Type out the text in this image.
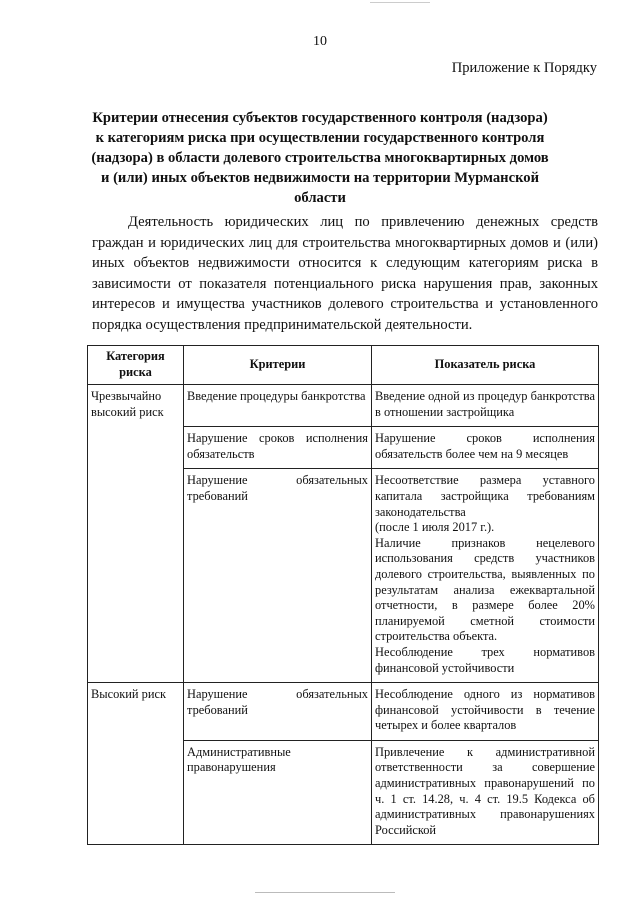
10
Приложение к Порядку
Критерии отнесения субъектов государственного контроля (надзора)
к категориям риска при осуществлении государственного контроля
(надзора) в области долевого строительства многоквартирных домов
и (или) иных объектов недвижимости на территории Мурманской
области
Деятельность юридических лиц по привлечению денежных средств граждан и юридических лиц для строительства многоквартирных домов и (или) иных объектов недвижимости относится к следующим категориям риска в зависимости от показателя потенциального риска нарушения прав, законных интересов и имущества участников долевого строительства и установленного порядка осуществления предпринимательской деятельности.
Категория риска	Критерии	Показатель риска
Чрезвычайно высокий риск	Введение процедуры банкротства	Введение одной из процедур банкротства в отношении застройщика

	Нарушение сроков исполнения обязательств	Нарушение сроков исполнения обязательств более чем на 9 месяцев

	Нарушение обязательных требований	Несоответствие размера уставного капитала застройщика требованиям законодательства
(после 1 июля 2017 г.).
Наличие признаков нецелевого использования средств участников долевого строительства, выявленных по результатам анализа ежеквартальной отчетности, в размере более 20% планируемой сметной стоимости строительства объекта.
Несоблюдение трех нормативов финансовой устойчивости

Высокий риск	Нарушение обязательных требований	Несоблюдение одного из нормативов финансовой устойчивости в течение четырех и более кварталов

	Административные правонарушения	Привлечение к административной ответственности за совершение административных правонарушений по ч. 1 ст. 14.28, ч. 4 ст. 19.5 Кодекса об административных правонарушениях Российской
